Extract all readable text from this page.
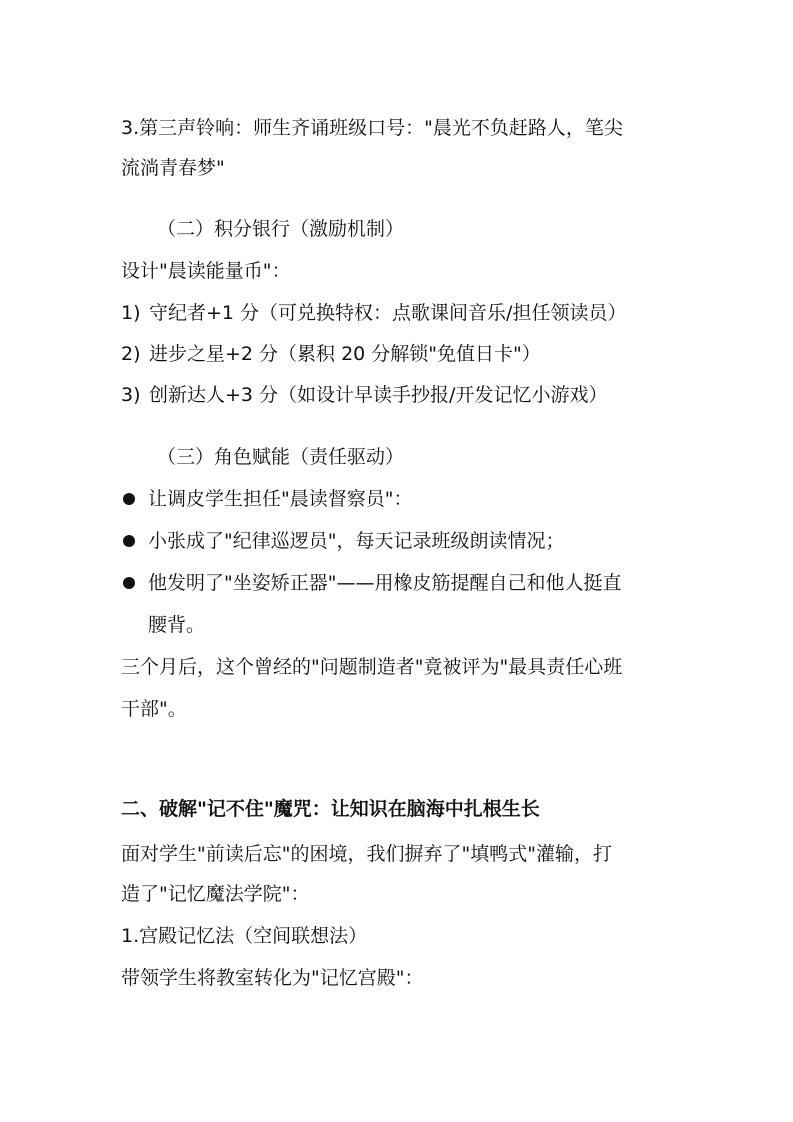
3.第三声铃响：师生齐诵班级口号："晨光不负赶路人，笔尖
流淌青春梦"
（二）积分银行（激励机制）
设计"晨读能量币"：
1) 守纪者+1 分（可兑换特权：点歌课间音乐/担任领读员）
2) 进步之星+2 分（累积 20 分解锁"免值日卡"）
3) 创新达人+3 分（如设计早读手抄报/开发记忆小游戏）
（三）角色赋能（责任驱动）
让调皮学生担任"晨读督察员"：
小张成了"纪律巡逻员"，每天记录班级朗读情况；
他发明了"坐姿矫正器"——用橡皮筋提醒自己和他人挺直
腰背。
三个月后，这个曾经的"问题制造者"竟被评为"最具责任心班
干部"。
二、破解"记不住"魔咒：让知识在脑海中扎根生长
面对学生"前读后忘"的困境，我们摒弃了"填鸭式"灌输，打
造了"记忆魔法学院"：
1.宫殿记忆法（空间联想法）
带领学生将教室转化为"记忆宫殿"：
